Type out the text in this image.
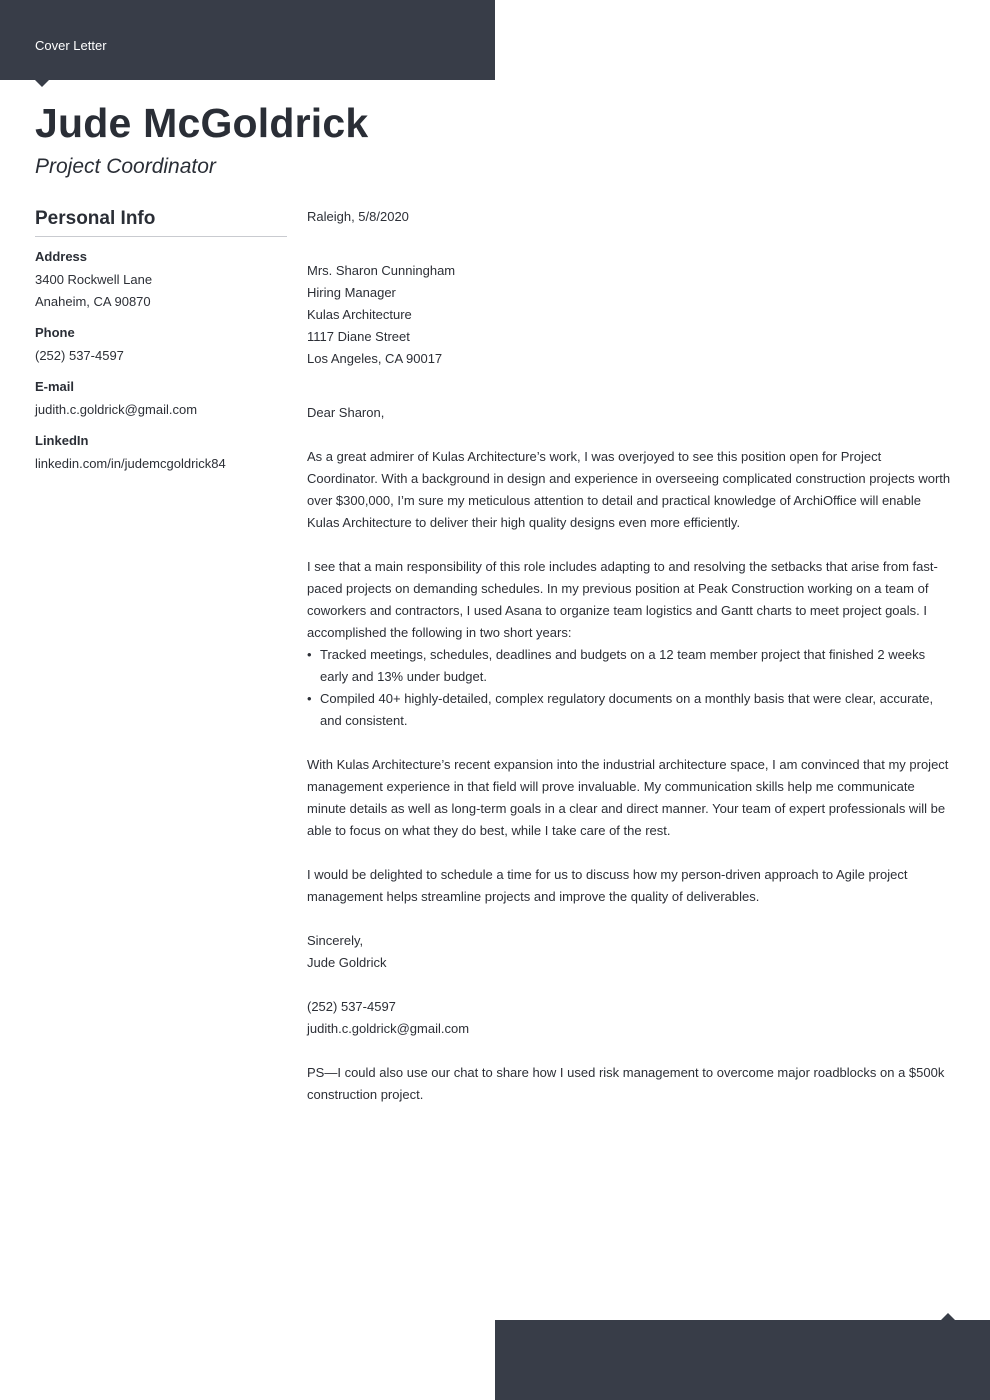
Cover Letter
Jude McGoldrick
Project Coordinator
Personal Info
Address
3400 Rockwell Lane
Anaheim, CA 90870
Phone
(252) 537-4597
E-mail
judith.c.goldrick@gmail.com
LinkedIn
linkedin.com/in/judemcgoldrick84

Raleigh, 5/8/2020

Mrs. Sharon Cunningham

Hiring Manager

Kulas Architecture

1117 Diane Street

Los Angeles, CA 90017

Dear Sharon,

As a great admirer of Kulas Architecture’s work, I was overjoyed to see this position open for Project Coordinator. With a background in design and experience in overseeing complicated construction projects worth over $300,000, I’m sure my meticulous attention to detail and practical knowledge of ArchiOffice will enable Kulas Architecture to deliver their high quality designs even more efficiently.

I see that a main responsibility of this role includes adapting to and resolving the setbacks that arise from fast-paced projects on demanding schedules. In my previous position at Peak Construction working on a team of coworkers and contractors, I used Asana to organize team logistics and Gantt charts to meet project goals. I accomplished the following in two short years:

• Tracked meetings, schedules, deadlines and budgets on a 12 team member project that finished 2 weeks early and 13% under budget.
• Compiled 40+ highly-detailed, complex regulatory documents on a monthly basis that were clear, accurate, and consistent.

With Kulas Architecture’s recent expansion into the industrial architecture space, I am convinced that my project management experience in that field will prove invaluable. My communication skills help me communicate minute details as well as long-term goals in a clear and direct manner. Your team of expert professionals will be able to focus on what they do best, while I take care of the rest.

I would be delighted to schedule a time for us to discuss how my person-driven approach to Agile project management helps streamline projects and improve the quality of deliverables.

Sincerely,

Jude Goldrick

(252) 537-4597

judith.c.goldrick@gmail.com

PS—I could also use our chat to share how I used risk management to overcome major roadblocks on a $500k construction project.
